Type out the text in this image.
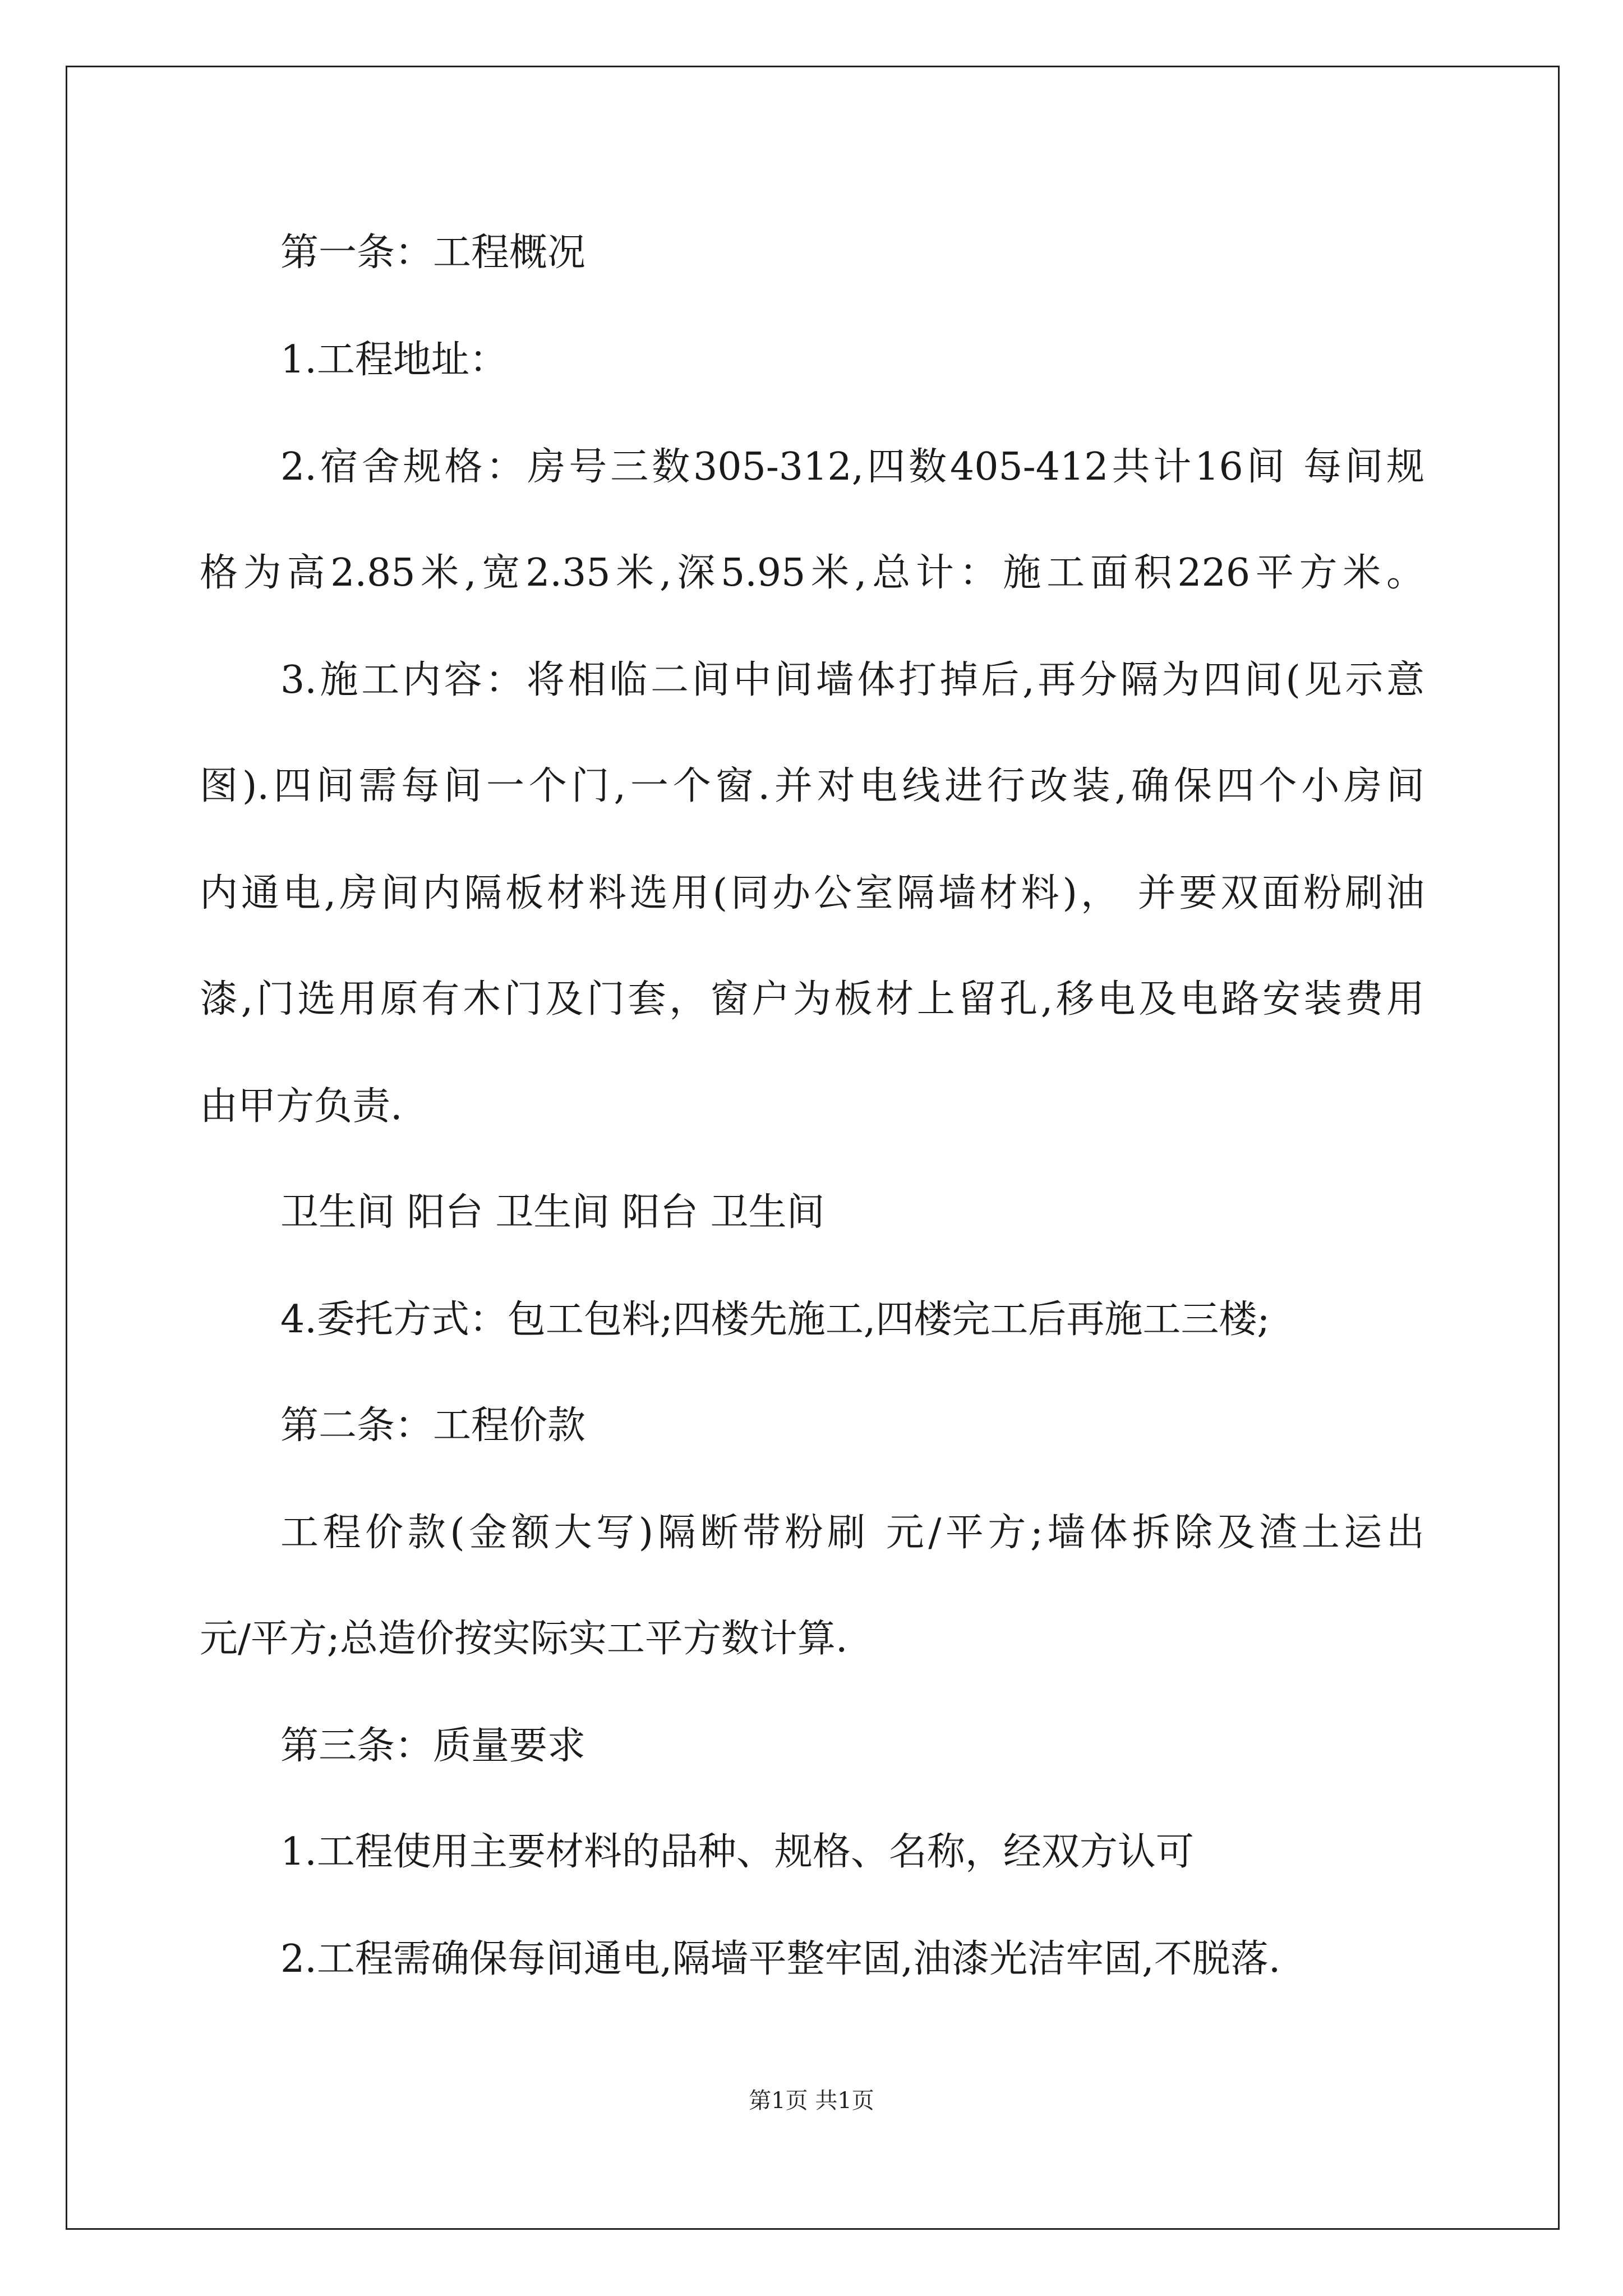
第一条：工程概况
1.工程地址：
2.宿舍规格：房号三数305-312,四数405-412共计16间 每间规
格为高2.85米,宽2.35米,深5.95米,总计：施工面积226平方米。
3.施工内容：将相临二间中间墙体打掉后,再分隔为四间(见示意
图).四间需每间一个门,一个窗.并对电线进行改装,确保四个小房间
内通电,房间内隔板材料选用(同办公室隔墙材料)， 并要双面粉刷油
漆,门选用原有木门及门套，窗户为板材上留孔,移电及电路安装费用
由甲方负责.
卫生间 阳台 卫生间 阳台 卫生间
4.委托方式：包工包料;四楼先施工,四楼完工后再施工三楼;
第二条：工程价款
工程价款(金额大写)隔断带粉刷 元/平方;墙体拆除及渣土运出
元/平方;总造价按实际实工平方数计算.
第三条：质量要求
1.工程使用主要材料的品种、规格、名称，经双方认可
2.工程需确保每间通电,隔墙平整牢固,油漆光洁牢固,不脱落.
第1页 共1页
